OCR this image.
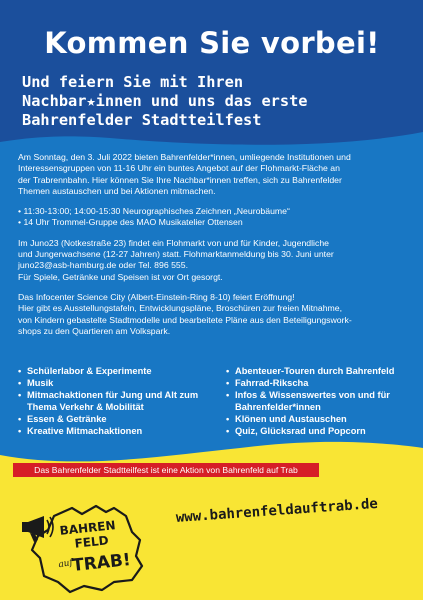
Kommen Sie vorbei!
Und feiern Sie mit Ihren
Nachbar★innen und uns das erste
Bahrenfelder Stadtteilfest
Am Sonntag, den 3. Juli 2022 bieten Bahrenfelder*innen, umliegende Institutionen und
Interessensgruppen von 11-16 Uhr ein buntes Angebot auf der Flohmarkt-Fläche an
der Trabrennbahn. Hier können Sie Ihre Nachbar*innen treffen, sich zu Bahrenfelder
Themen austauschen und bei Aktionen mitmachen.
• 11:30-13:00; 14:00-15:30 Neurographisches Zeichnen „Neurobäume“
• 14 Uhr Trommel-Gruppe des MAO Musikatelier Ottensen
Im Juno23 (Notkestraße 23) findet ein Flohmarkt von und für Kinder, Jugendliche
und Jungerwachsene (12-27 Jahren) statt. Flohmarktanmeldung bis 30. Juni unter
juno23@asb-hamburg.de oder Tel. 896 555.
Für Spiele, Getränke und Speisen ist vor Ort gesorgt.
Das Infocenter Science City (Albert-Einstein-Ring 8-10) feiert Eröffnung!
Hier gibt es Ausstellungstafeln, Entwicklungspläne, Broschüren zur freien Mitnahme,
von Kindern gebastelte Stadtmodelle und bearbeitete Pläne aus den Beteiligungswork-
shops zu den Quartieren am Volkspark.
• Schülerlabor & Experimente
• Musik
• Mitmachaktionen für Jung und Alt zum
Thema Verkehr & Mobilität
• Essen & Getränke
• Kreative Mitmachaktionen
• Abenteuer-Touren durch Bahrenfeld
• Fahrrad-Rikscha
• Infos & Wissenswertes von und für
Bahrenfelder*innen
• Klönen und Austauschen
• Quiz, Glücksrad und Popcorn
Das Bahrenfelder Stadtteilfest ist eine Aktion von Bahrenfeld auf Trab
BAHREN
FELD
auf
TRAB!
www.bahrenfeldauftrab.de
